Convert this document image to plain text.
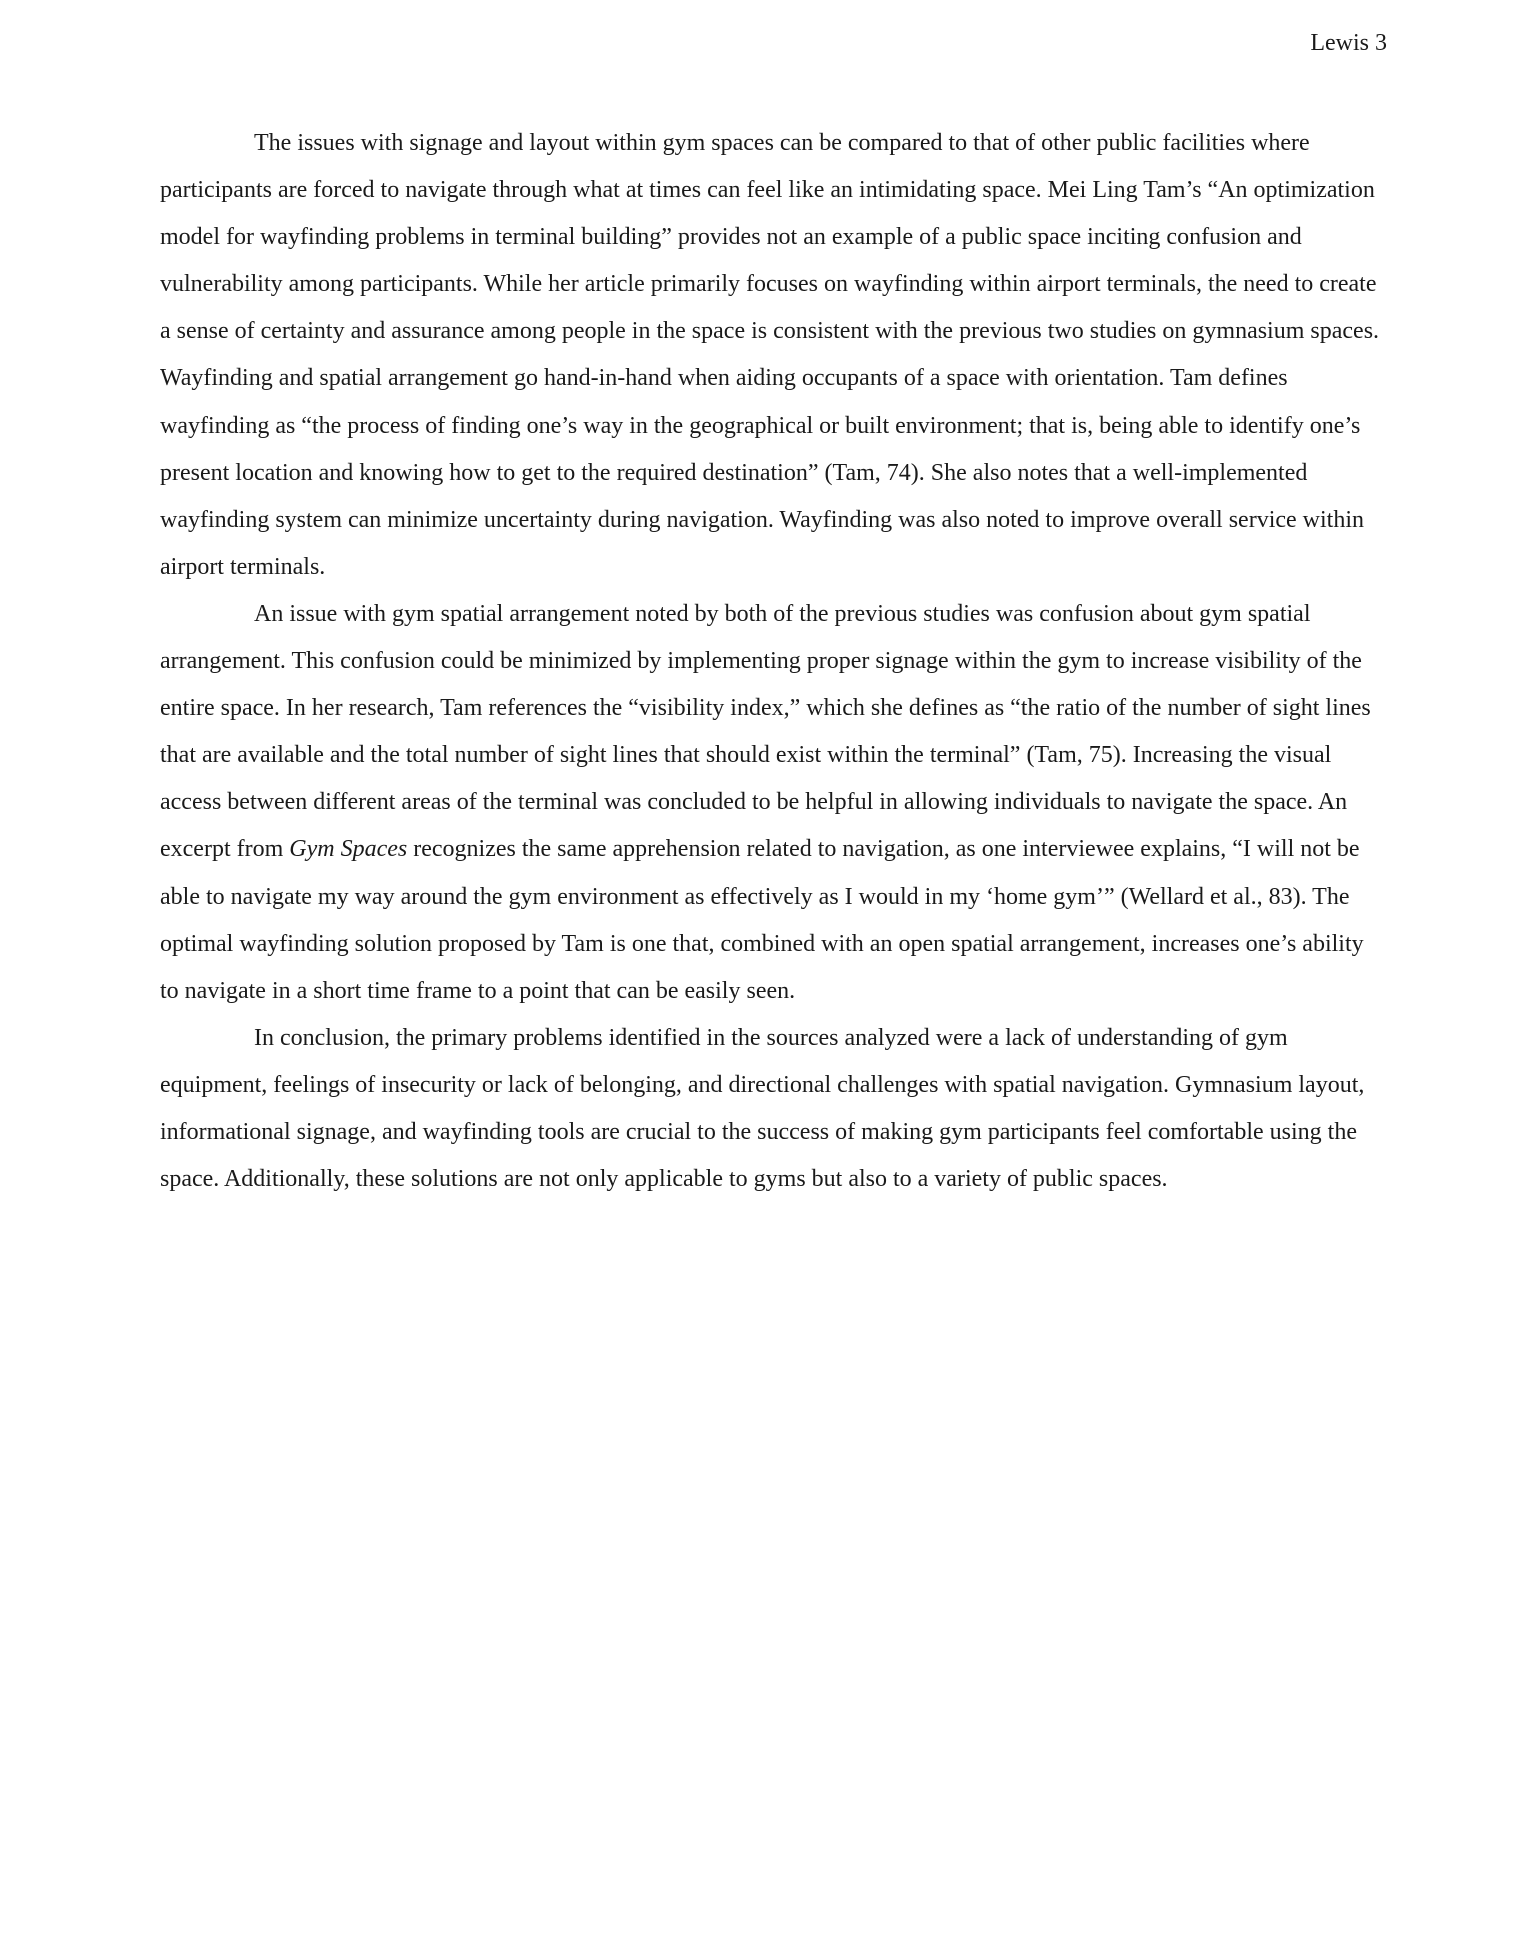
Lewis 3

The issues with signage and layout within gym spaces can be compared to that of other public facilities where participants are forced to navigate through what at times can feel like an intimidating space. Mei Ling Tam’s “An optimization model for wayfinding problems in terminal building” provides not an example of a public space inciting confusion and vulnerability among participants. While her article primarily focuses on wayfinding within airport terminals, the need to create a sense of certainty and assurance among people in the space is consistent with the previous two studies on gymnasium spaces. Wayfinding and spatial arrangement go hand-in-hand when aiding occupants of a space with orientation. Tam defines wayfinding as “the process of finding one’s way in the geographical or built environment; that is, being able to identify one’s present location and knowing how to get to the required destination” (Tam, 74). She also notes that a well-implemented wayfinding system can minimize uncertainty during navigation. Wayfinding was also noted to improve overall service within airport terminals.

An issue with gym spatial arrangement noted by both of the previous studies was confusion about gym spatial arrangement. This confusion could be minimized by implementing proper signage within the gym to increase visibility of the entire space. In her research, Tam references the “visibility index,” which she defines as “the ratio of the number of sight lines that are available and the total number of sight lines that should exist within the terminal” (Tam, 75). Increasing the visual access between different areas of the terminal was concluded to be helpful in allowing individuals to navigate the space. An excerpt from Gym Spaces recognizes the same apprehension related to navigation, as one interviewee explains, “I will not be able to navigate my way around the gym environment as effectively as I would in my ‘home gym’” (Wellard et al., 83). The optimal wayfinding solution proposed by Tam is one that, combined with an open spatial arrangement, increases one’s ability to navigate in a short time frame to a point that can be easily seen.

In conclusion, the primary problems identified in the sources analyzed were a lack of understanding of gym equipment, feelings of insecurity or lack of belonging, and directional challenges with spatial navigation. Gymnasium layout, informational signage, and wayfinding tools are crucial to the success of making gym participants feel comfortable using the space. Additionally, these solutions are not only applicable to gyms but also to a variety of public spaces.
